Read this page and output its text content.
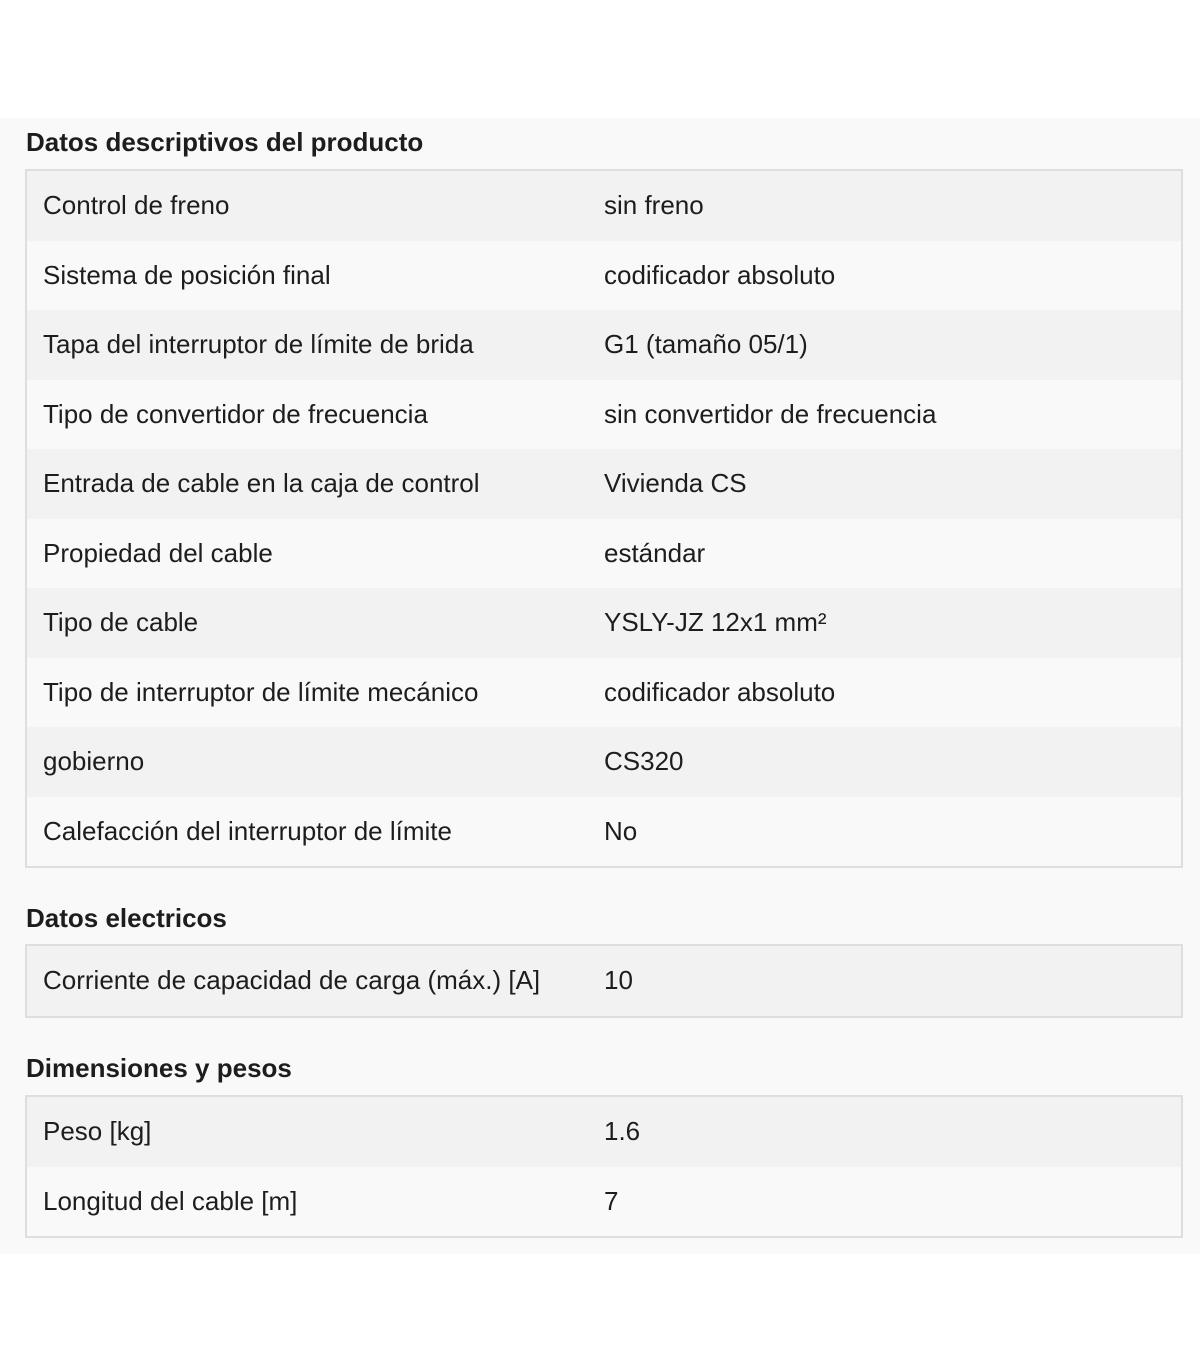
Datos descriptivos del producto
Control de freno	sin freno
Sistema de posición final	codificador absoluto
Tapa del interruptor de límite de brida	G1 (tamaño 05/1)
Tipo de convertidor de frecuencia	sin convertidor de frecuencia
Entrada de cable en la caja de control	Vivienda CS
Propiedad del cable	estándar
Tipo de cable	YSLY-JZ 12x1 mm²
Tipo de interruptor de límite mecánico	codificador absoluto
gobierno	CS320
Calefacción del interruptor de límite	No
Datos electricos
Corriente de capacidad de carga (máx.) [A]	10
Dimensiones y pesos
Peso [kg]	1.6
Longitud del cable [m]	7
